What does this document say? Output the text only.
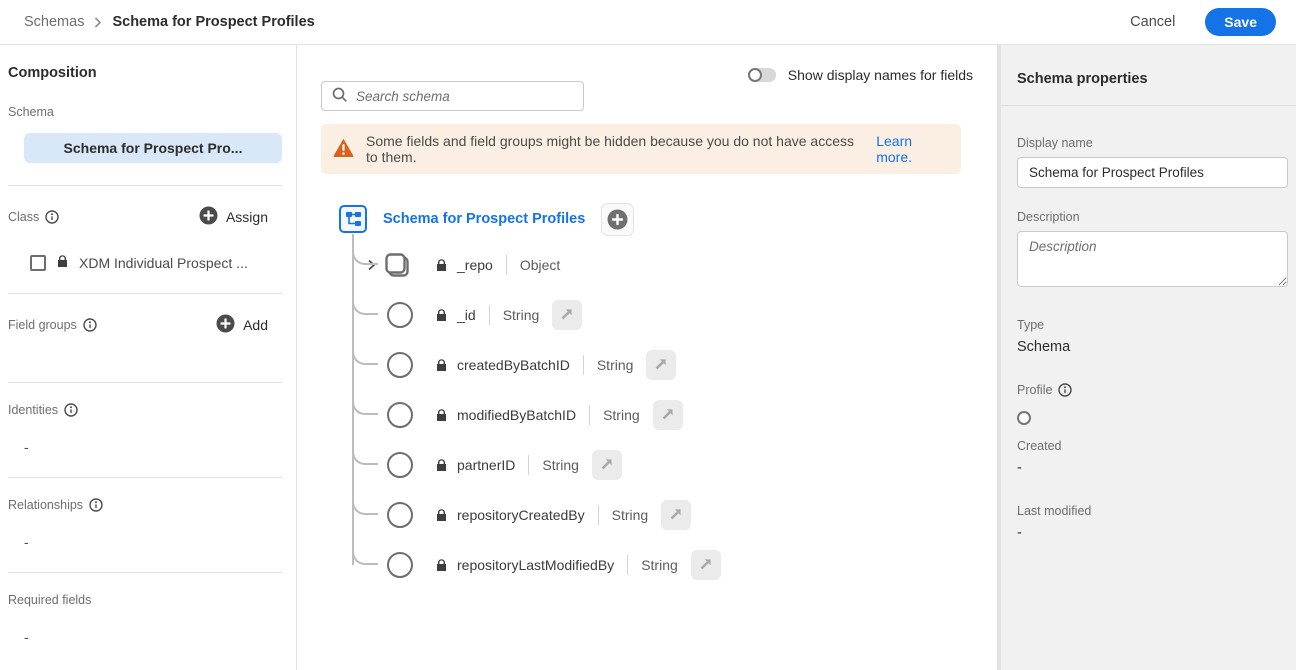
Schemas Schema for Prospect Profiles	Cancel	Save
Composition
Schema
Schema for Prospect Pro...
Class	Assign
XDM Individual Prospect ...
Field groups	Add
Identities
-
Relationships
-
Required fields
-
Search schema
Show display names for fields
Some fields and field groups might be hidden because you do not have access to them.
Learn more.
Schema for Prospect Profiles
_repo Object
_id String
createdByBatchID String
modifiedByBatchID String
partnerID String
repositoryCreatedBy String
repositoryLastModifiedBy String
Schema properties
Display name
Schema for Prospect Profiles
Description
Description
Type
Schema
Profile
Created
-
Last modified
-
